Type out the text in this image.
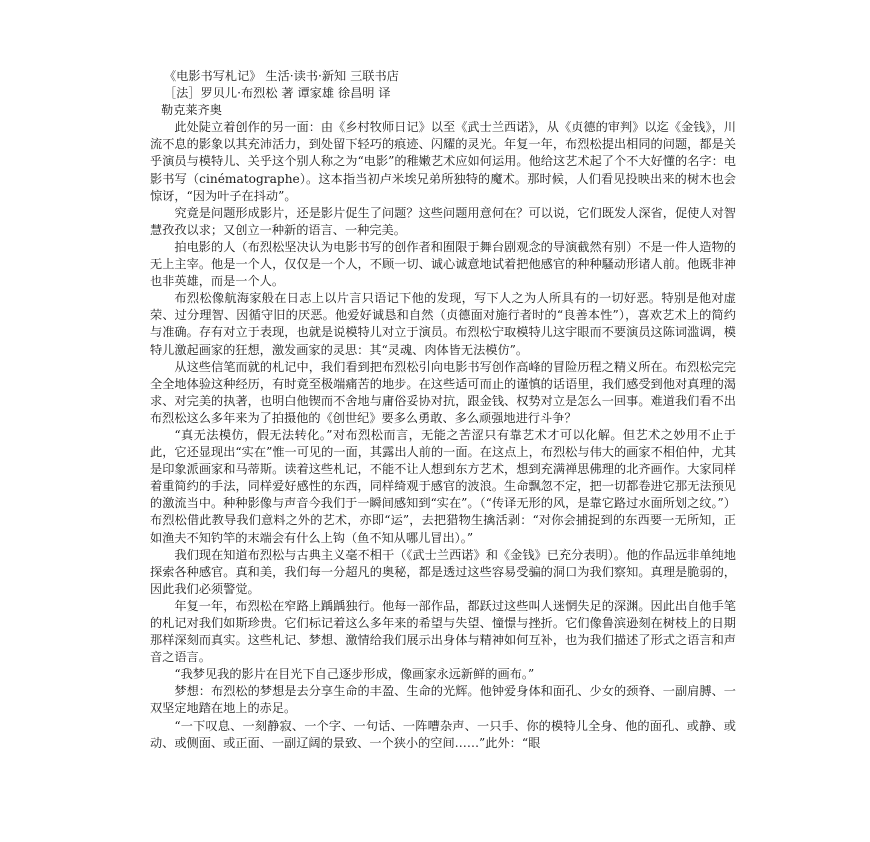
《电影书写札记》 生活·读书·新知 三联书店

［法］罗贝儿·布烈松 著 谭家雄 徐昌明 译

勒克莱齐奥

此处陡立着创作的另一面：由《乡村牧师日记》以至《武士兰西诺》，从《贞德的审判》以迄《金钱》，川流不息的影象以其充沛活力，到处留下轻巧的痕迹、闪耀的灵光。年复一年，布烈松提出相同的问题，都是关乎演员与模特儿、关乎这个别人称之为“电影”的稚嫩艺术应如何运用。他给这艺术起了个不大好懂的名字：电影书写（cinématographe）。这本指当初卢米埃兄弟所独特的魔术。那时候，人们看见投映出来的树木也会惊讶，“因为叶子在抖动”。

究竟是问题形成影片，还是影片促生了问题？这些问题用意何在？可以说，它们既发人深省，促使人对智慧孜孜以求；又创立一种新的语言、一种完美。

拍电影的人（布烈松坚决认为电影书写的创作者和囿限于舞台剧观念的导演截然有别）不是一件人造物的无上主宰。他是一个人，仅仅是一个人，不顾一切、诚心诚意地试着把他感官的种种騷动形诸人前。他既非神也非英雄，而是一个人。

布烈松像航海家般在日志上以片言只语记下他的发现，写下人之为人所具有的一切好恶。特别是他对虚荣、过分理智、因循守旧的厌恶。他爱好诚恳和自然（贞德面对施行者时的“良善本性”），喜欢艺术上的简约与准确。存有对立于表现，也就是说模特儿对立于演员。布烈松宁取模特儿这宇眼而不要演员这陈词滥调，模特儿激起画家的狂想，激发画家的灵思：其“灵魂、肉体皆无法模仿”。

从这些信笔而就的札记中，我们看到把布烈松引向电影书写创作高峰的冒险历程之精义所在。布烈松完完全全地体验这种经历，有时竟至极端痛苦的地步。在这些适可而止的谨慎的话语里，我们感受到他对真理的渴求、对完美的执著，也明白他锲而不舍地与庸俗妥协对抗，跟金钱、权势对立是怎么一回事。难道我们看不出布烈松这么多年来为了拍摄他的《创世纪》要多么勇敢、多么顽强地进行斗争？

“真无法模仿，假无法转化。”对布烈松而言，无能之苦涩只有靠艺术才可以化解。但艺术之妙用不止于此，它还显现出“实在”惟一可见的一面，其露出人前的一面。在这点上，布烈松与伟大的画家不相伯仲，尤其是印象派画家和马蒂斯。读着这些札记，不能不让人想到东方艺术，想到充满禅思佛理的北齐画作。大家同样着重简约的手法，同样爱好感性的东西，同样绮观于感官的波浪。生命飘忽不定，把一切都卷进它那无法预见的激流当中。种种影像与声音今我们于一瞬间感知到“实在”。（“传译无形的风，是靠它路过水面所划之纹。”）布烈松借此教导我们意料之外的艺术，亦即“运”，去把猎物生擒活剥：“对你会捕捉到的东西要一无所知，正如渔夫不知钓竿的末端会有什么上钩（鱼不知从哪儿冒出）。”

我们现在知道布烈松与古典主义毫不相干（《武士兰西诺》和《金钱》已充分表明）。他的作品远非单纯地探索各种感官。真和美，我们每一分超凡的奥秘，都是透过这些容易受骗的洞口为我们察知。真理是脆弱的，因此我们必须警觉。

年复一年，布烈松在窄路上踽踽独行。他每一部作品，都跃过这些叫人迷惘失足的深渊。因此出自他手笔的札记对我们如斯珍贵。它们标记着这么多年来的希望与失望、憧憬与挫折。它们像鲁滨逊刻在树枝上的日期那样深刻而真实。这些札记、梦想、激情给我们展示出身体与精神如何互补，也为我们描述了形式之语言和声音之语言。

“我梦见我的影片在目光下自己逐步形成，像画家永远新鲜的画布。”

梦想：布烈松的梦想是去分享生命的丰盈、生命的光辉。他钟爱身体和面孔、少女的颈脊、一副肩膊、一双坚定地踏在地上的赤足。

“一下叹息、一刻静寂、一个字、一句话、一阵嘈杂声、一只手、你的模特儿全身、他的面孔、或静、或动、或侧面、或正面、一副辽阔的景致、一个狭小的空间……”此外：“眼
